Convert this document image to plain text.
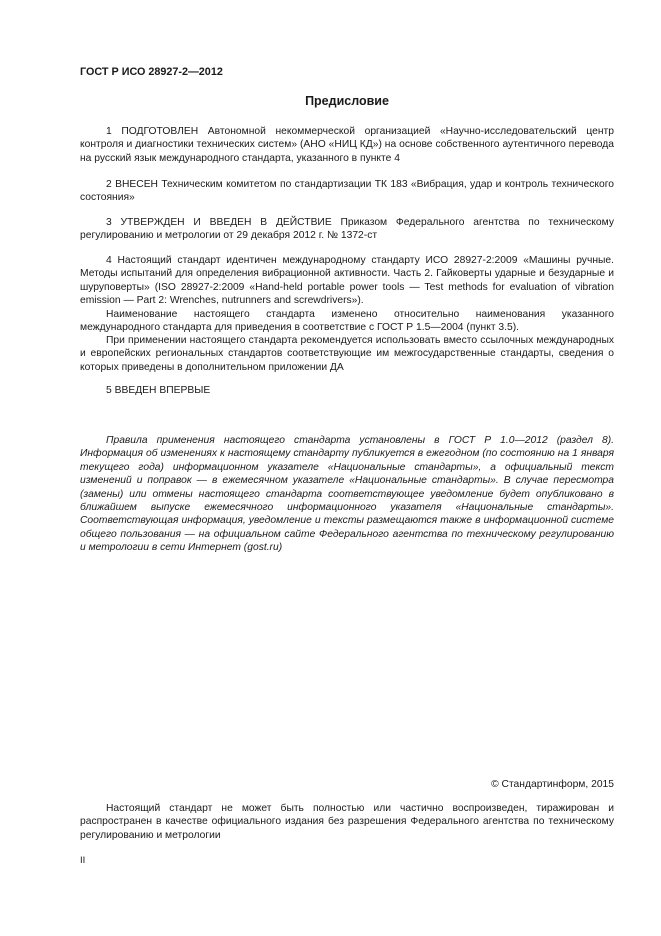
ГОСТ Р ИСО 28927-2—2012
Предисловие

1 ПОДГОТОВЛЕН Автономной некоммерческой организацией «Научно-исследовательский центр контроля и диагностики технических систем» (АНО «НИЦ КД») на основе собственного аутентичного перевода на русский язык международного стандарта, указанного в пункте 4

2 ВНЕСЕН Техническим комитетом по стандартизации ТК 183 «Вибрация, удар и контроль технического состояния»

3 УТВЕРЖДЕН И ВВЕДЕН В ДЕЙСТВИЕ Приказом Федерального агентства по техническому регулированию и метрологии от 29 декабря 2012 г. № 1372-ст

4 Настоящий стандарт идентичен международному стандарту ИСО 28927-2:2009 «Машины ручные. Методы испытаний для определения вибрационной активности. Часть 2. Гайковерты ударные и безударные и шуруповерты» (ISO 28927-2:2009 «Hand-held portable power tools — Test methods for evaluation of vibration emission — Part 2: Wrenches, nutrunners and screwdrivers»).

Наименование настоящего стандарта изменено относительно наименования указанного международного стандарта для приведения в соответствие с ГОСТ Р 1.5—2004 (пункт 3.5).

При применении настоящего стандарта рекомендуется использовать вместо ссылочных международных и европейских региональных стандартов соответствующие им межгосударственные стандарты, сведения о которых приведены в дополнительном приложении ДА

5 ВВЕДЕН ВПЕРВЫЕ

Правила применения настоящего стандарта установлены в ГОСТ Р 1.0—2012 (раздел 8). Информация об изменениях к настоящему стандарту публикуется в ежегодном (по состоянию на 1 января текущего года) информационном указателе «Национальные стандарты», а официальный текст изменений и поправок — в ежемесячном указателе «Национальные стандарты». В случае пересмотра (замены) или отмены настоящего стандарта соответствующее уведомление будет опубликовано в ближайшем выпуске ежемесячного информационного указателя «Национальные стандарты». Соответствующая информация, уведомление и тексты размещаются также в информационной системе общего пользования — на официальном сайте Федерального агентства по техническому регулированию и метрологии в сети Интернет (gost.ru)

© Стандартинформ, 2015

Настоящий стандарт не может быть полностью или частично воспроизведен, тиражирован и распространен в качестве официального издания без разрешения Федерального агентства по техническому регулированию и метрологии

II
